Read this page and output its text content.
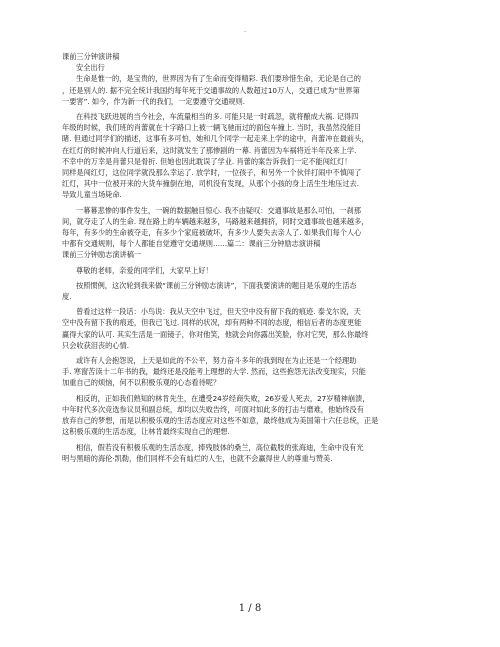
-
课前三分钟演讲稿
安全出行
生命是惟一的，是宝贵的，世界因为有了生命而变得精彩. 我们要珍惜生命，无论是自己的
，还是别人的. 据不完全统计我国约每年死于交通事故的人数超过10万人，交通已成为“世界第
一要害”. 如今，作为新一代的我们，一定要遵守交通规则.
在科技飞跃进展的当今社会，车流量相当的多. 可能只是一时疏忽，就将酿成大祸. 记得四
年级的时候，我们班的肖蕾就在十字路口上被一辆飞驰而过的面包车撞上. 当时，我虽然没能目
睹. 但通过同学们的描述，这事有多可怕，她和几个同学一起走来上学的途中，肖蕾冲在最前头，
在红灯的时候冲向人行道后来，这时就发生了那惨剧的一幕. 肖蕾因为车祸将近半年没来上学.
不幸中的万幸是肖蕾只是骨折. 但她也因此耽误了学业. 肖蕾的案告诉我们一定不能闯红灯！
同样是闯红灯，这位同学就没那么幸运了. 放学时，一位孩子，和另外一个伙伴打闹中不慎闯了
红灯，其中一位被开来的大货车撞倒在地，司机没有发现，从那个小孩的身上活生生地压过去.
导致儿童当场毙命.
一幕幕悲惨的事件发生，一碗的数据触目惊心. 我不由疑叹：交通事故是那么可怕，一刹那
间，就夺走了人的生命. 现在路上的车辆越来越多，马路越来越拥挤，同时交通事故也越来越多，
每年，有多少的生命被夺走，有多少个家庭被破坏，有多少人要失去亲人了. 如果我们每个人心
中都有交通规则，每个人都能自觉遵守交通规则.…..篇二：课前三分钟励志演讲稿
课前三分钟励志演讲稿一
尊敬的老师，亲爱的同学们，大家早上好！
按照惯例，这次轮到我来做“课前三分钟励志演讲”，下面我要演讲的题目是乐观的生活态
度.
曾看过这样一段话：小鸟说：我从天空中飞过，但天空中没有留下我的痕迹. 泰戈尔说，天
空中没有留下我的痕迹，但我已飞过. 同样的状况，却有两种不同的态度，相信后者的态度更能
赢得大家的认可. 其实生活是一面镜子，你对他笑，他就会向你露出笑脸，你对它哭，那么你最终
只会收获泪丧的心情.
或许有人会抱怨说，上天是如此的不公平，努力奋斗多年的我到现在为止还是一个经理助
手. 寒窗苦读十二年书的我，最终还是没能考上理想的大学. 然而，这些抱怨无法改变现实，只能
加重自己的烦恼，何不以积极乐观的心态看待呢？
相反的，正如我们熟知的林肯先生，在遭受24岁经商失败，26岁爱人死去，27岁精神崩溃，
中年时代多次竞选参议员和副总统，却均以失败告终，可面对如此多的打击与磨难，他始终没有
放弃自己的梦想，而是以积极乐观的生活态度应对这些不如意，最终他成为美国第十六任总统，正是
这积极乐观的生活态度，让林肯最终实现自己的理想.
相信，假若没有积极乐观的生活态度，捧残肢体的桑兰，高位截肢的张海迪，生命中没有光
明与黑暗的海伦·凯勒，他们同样不会有灿烂的人生，也就不会赢得世人的尊重与赞美.
1 / 8
